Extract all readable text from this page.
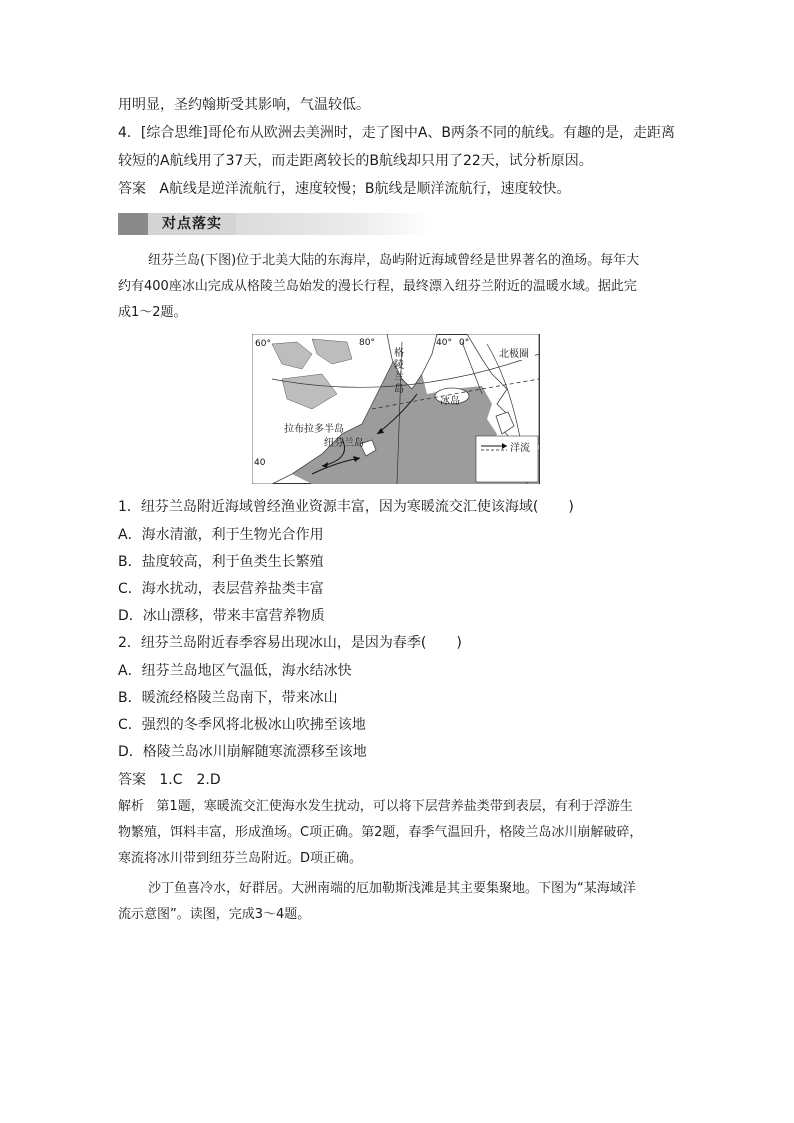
用明显，圣约翰斯受其影响，气温较低。
4．[综合思维]哥伦布从欧洲去美洲时，走了图中A、B两条不同的航线。有趣的是，走距离
较短的A航线用了37天，而走距离较长的B航线却只用了22天，试分析原因。
答案 A航线是逆洋流航行，速度较慢；B航线是顺洋流航行，速度较快。
对点落实
纽芬兰岛(下图)位于北美大陆的东海岸，岛屿附近海域曾经是世界著名的渔场。每年大
约有400座冰山完成从格陵兰岛始发的漫长行程，最终漂入纽芬兰附近的温暖水域。据此完
成1～2题。
60°	80°	40° 0°
40
格
陵
兰
岛
北极圈
冰岛
拉布拉多半岛
纽芬兰岛	洋流
1．纽芬兰岛附近海域曾经渔业资源丰富，因为寒暖流交汇使该海域( )
A．海水清澈，利于生物光合作用
B．盐度较高，利于鱼类生长繁殖
C．海水扰动，表层营养盐类丰富
D．冰山漂移，带来丰富营养物质
2．纽芬兰岛附近春季容易出现冰山，是因为春季( )
A．纽芬兰岛地区气温低，海水结冰快
B．暖流经格陵兰岛南下，带来冰山
C．强烈的冬季风将北极冰山吹拂至该地
D．格陵兰岛冰川崩解随寒流漂移至该地
答案 1.C　2.D
解析 第1题，寒暖流交汇使海水发生扰动，可以将下层营养盐类带到表层，有利于浮游生
物繁殖，饵料丰富，形成渔场。C项正确。第2题，春季气温回升，格陵兰岛冰川崩解破碎，
寒流将冰川带到纽芬兰岛附近。D项正确。
沙丁鱼喜冷水，好群居。大洲南端的厄加勒斯浅滩是其主要集聚地。下图为“某海域洋
流示意图”。读图，完成3～4题。
